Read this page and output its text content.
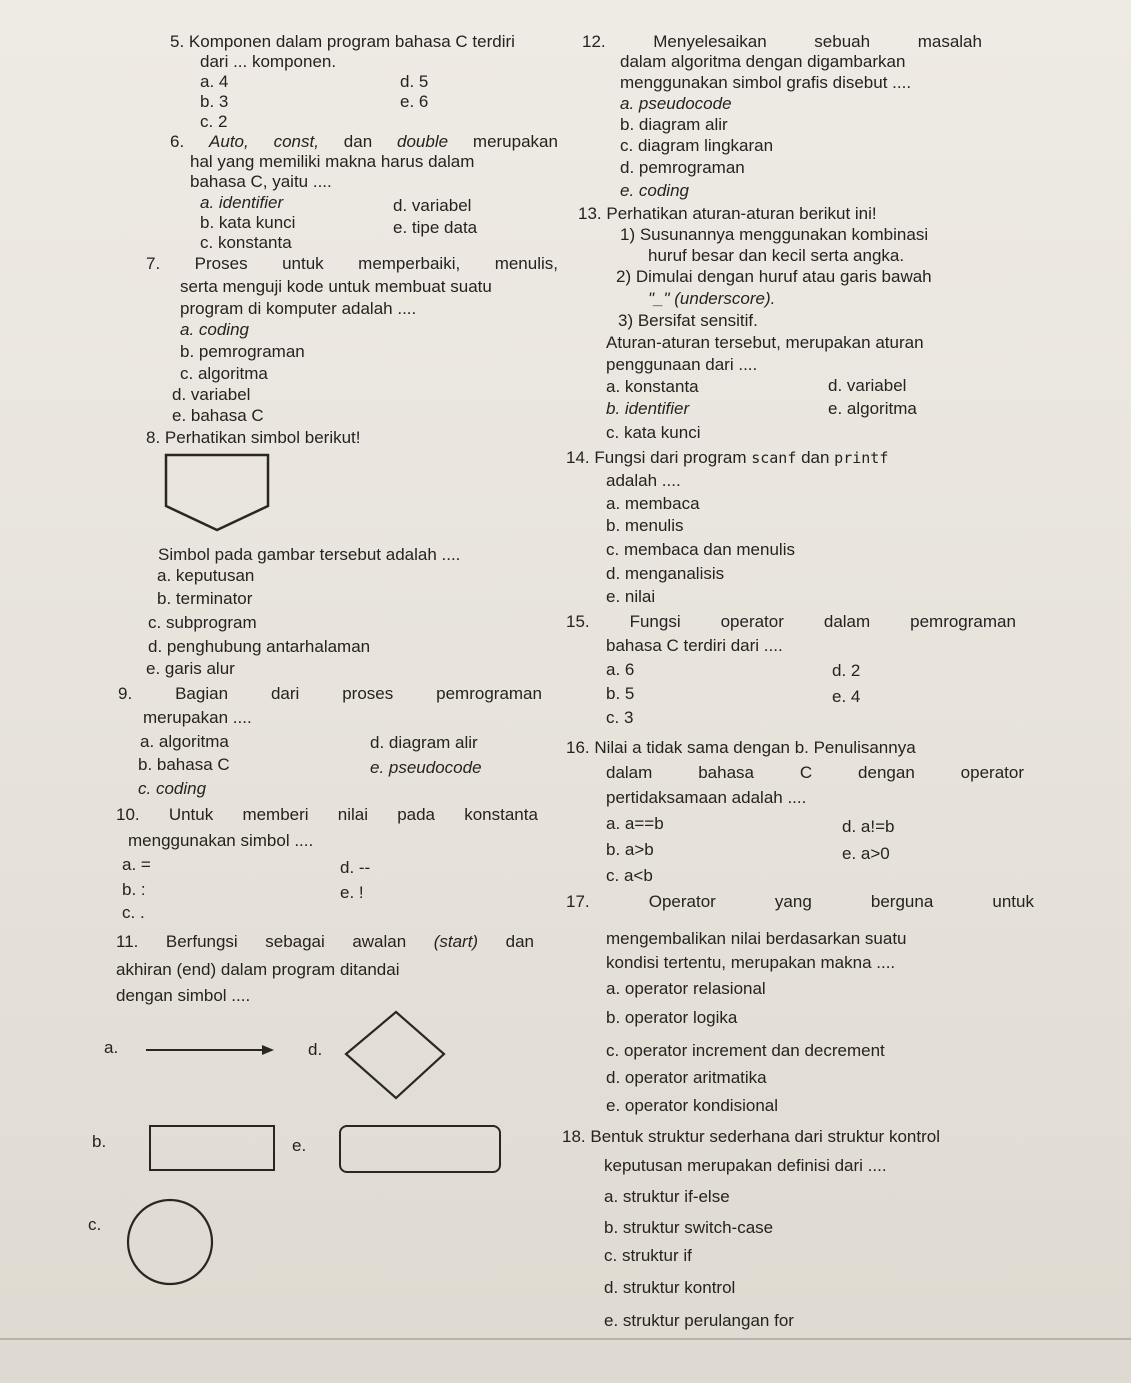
5. Komponen dalam program bahasa C terdiri
dari ... komponen.
a. 4
b. 3
c. 2
d. 5
e. 6
6. Auto, const, dan double merupakan
hal yang memiliki makna harus dalam
bahasa C, yaitu ....
a. identifier
b. kata kunci
c. konstanta
d. variabel
e. tipe data
7. Proses untuk memperbaiki, menulis,
serta menguji kode untuk membuat suatu
program di komputer adalah ....
a. coding
b. pemrograman
c. algoritma
d. variabel
e. bahasa C
8. Perhatikan simbol berikut!
Simbol pada gambar tersebut adalah ....
a. keputusan
b. terminator
c. subprogram
d. penghubung antarhalaman
e. garis alur
9.	Bagian	dari	proses	pemrograman
merupakan ....
a. algoritma
b. bahasa C
c. coding
d. diagram alir
e. pseudocode
10. Untuk memberi nilai pada konstanta
menggunakan simbol ....
a. =
b. :
c. .
d. --
e. !
11. Berfungsi sebagai awalan (start) dan
akhiran (end) dalam program ditandai
dengan simbol ....
a.	d.
b.	e.
c.
12.	Menyelesaikan	sebuah	masalah
dalam algoritma dengan digambarkan
menggunakan simbol grafis disebut ....
a. pseudocode
b. diagram alir
c. diagram lingkaran
d. pemrograman
e. coding
13. Perhatikan aturan-aturan berikut ini!
1) Susunannya menggunakan kombinasi
huruf besar dan kecil serta angka.
2) Dimulai dengan huruf atau garis bawah
"_" (underscore).
3) Bersifat sensitif.
Aturan-aturan tersebut, merupakan aturan
penggunaan dari ....
a. konstanta
b. identifier
c. kata kunci
d. variabel
e. algoritma
14. Fungsi dari program scanf dan printf
adalah ....
a. membaca
b. menulis
c. membaca dan menulis
d. menganalisis
e. nilai
15. Fungsi operator dalam pemrograman
bahasa C terdiri dari ....
a. 6
b. 5
c. 3
d. 2
e. 4
16. Nilai a tidak sama dengan b. Penulisannya
dalam	bahasa	C	dengan	operator
pertidaksamaan adalah ....
a. a==b
b. a>b
c. a<b
d. a!=b
e. a>0
17.	Operator	yang	berguna	untuk
mengembalikan nilai berdasarkan suatu
kondisi tertentu, merupakan makna ....
a. operator relasional
b. operator logika
c. operator increment dan decrement
d. operator aritmatika
e. operator kondisional
18. Bentuk struktur sederhana dari struktur kontrol
keputusan merupakan definisi dari ....
a. struktur if-else
b. struktur switch-case
c. struktur if
d. struktur kontrol
e. struktur perulangan for
